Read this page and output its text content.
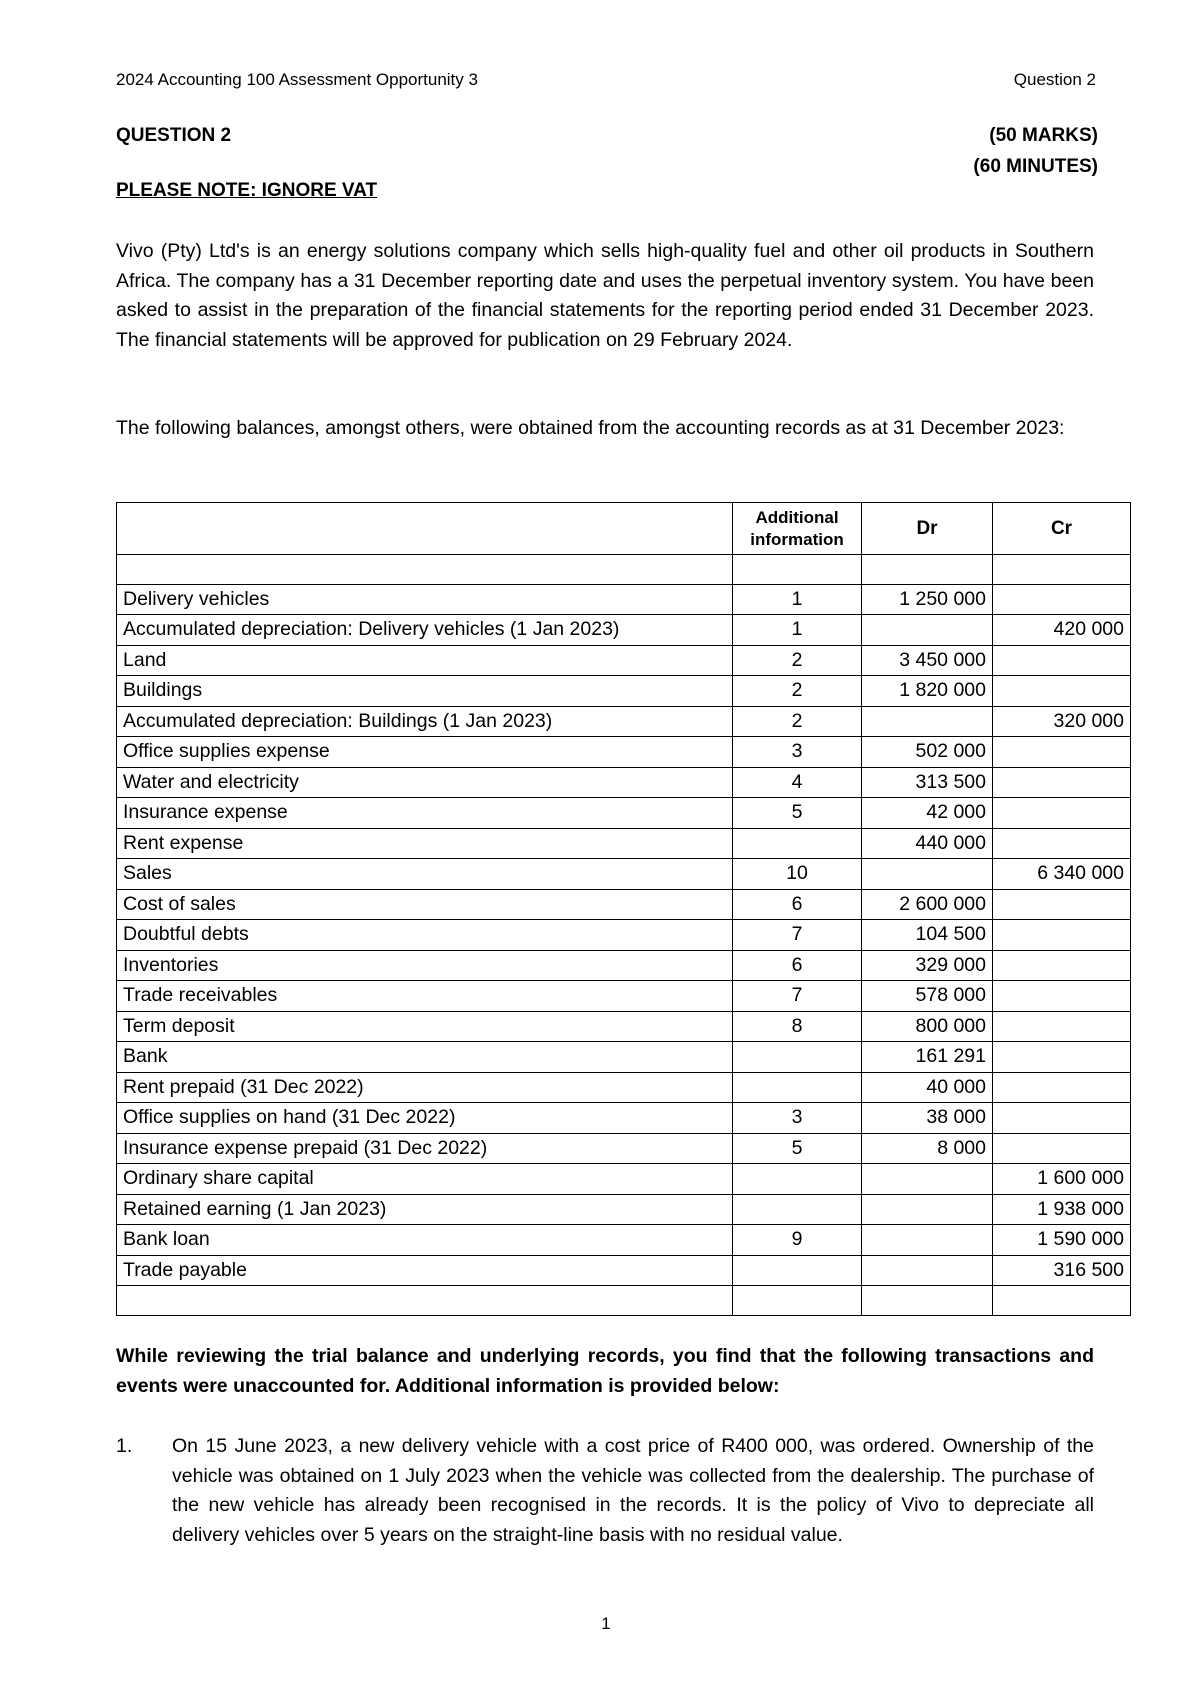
2024 Accounting 100 Assessment Opportunity 3	Question 2
QUESTION 2	(50 MARKS)
(60 MINUTES)
PLEASE NOTE: IGNORE VAT
Vivo (Pty) Ltd's is an energy solutions company which sells high-quality fuel and other oil products in Southern Africa. The company has a 31 December reporting date and uses the perpetual inventory system. You have been asked to assist in the preparation of the financial statements for the reporting period ended 31 December 2023. The financial statements will be approved for publication on 29 February 2024.
The following balances, amongst others, were obtained from the accounting records as at 31 December 2023:
	Additional information	Dr	Cr

Delivery vehicles	1	1 250 000	
Accumulated depreciation: Delivery vehicles (1 Jan 2023)	1		420 000
Land	2	3 450 000	
Buildings	2	1 820 000	
Accumulated depreciation: Buildings (1 Jan 2023)	2		320 000
Office supplies expense	3	502 000	
Water and electricity	4	313 500	
Insurance expense	5	42 000	
Rent expense		440 000	
Sales	10		6 340 000
Cost of sales	6	2 600 000	
Doubtful debts	7	104 500	
Inventories	6	329 000	
Trade receivables	7	578 000	
Term deposit	8	800 000	
Bank		161 291	
Rent prepaid (31 Dec 2022)		40 000	
Office supplies on hand (31 Dec 2022)	3	38 000	
Insurance expense prepaid (31 Dec 2022)	5	8 000	
Ordinary share capital			1 600 000
Retained earning (1 Jan 2023)			1 938 000
Bank loan	9		1 590 000
Trade payable			316 500

While reviewing the trial balance and underlying records, you find that the following transactions and events were unaccounted for. Additional information is provided below:
1. On 15 June 2023, a new delivery vehicle with a cost price of R400 000, was ordered. Ownership of the vehicle was obtained on 1 July 2023 when the vehicle was collected from the dealership. The purchase of the new vehicle has already been recognised in the records. It is the policy of Vivo to depreciate all delivery vehicles over 5 years on the straight-line basis with no residual value.
1
